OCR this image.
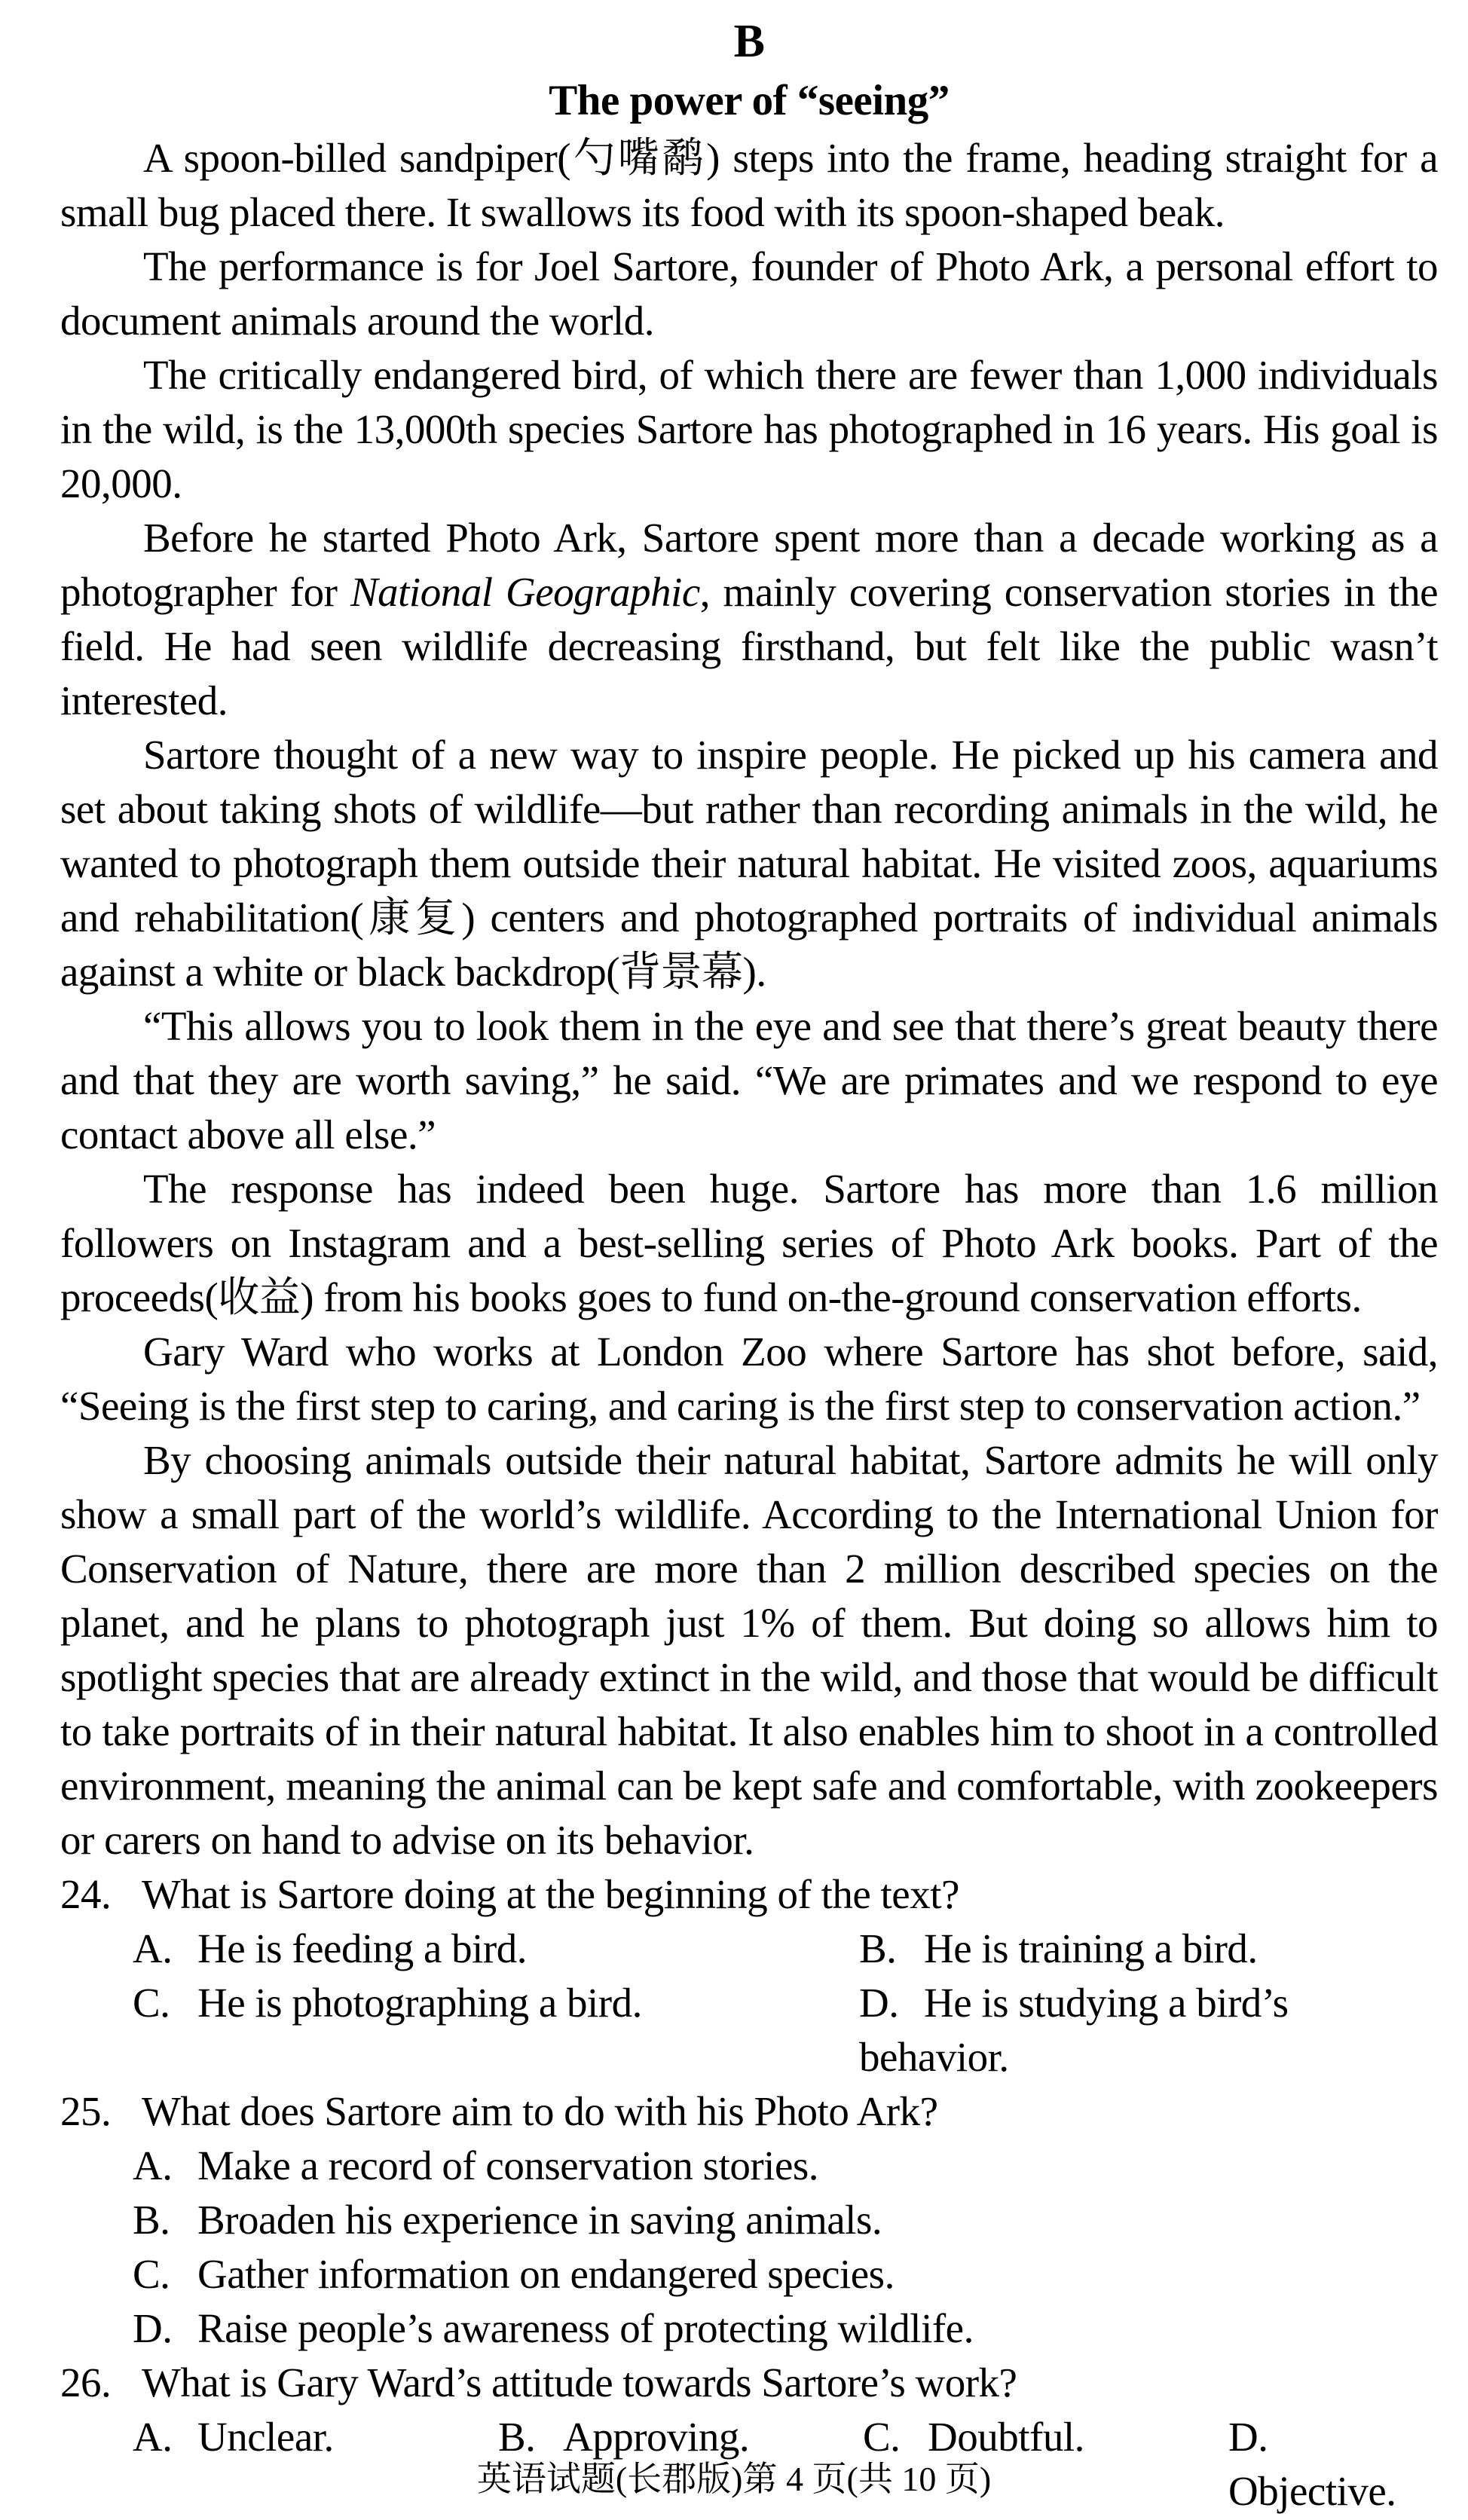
B
The power of “seeing”

A spoon-billed sandpiper(勺嘴鹬) steps into the frame, heading straight for a small bug placed there. It swallows its food with its spoon-shaped beak.

The performance is for Joel Sartore, founder of Photo Ark, a personal effort to document animals around the world.

The critically endangered bird, of which there are fewer than 1,000 individuals in the wild, is the 13,000th species Sartore has photographed in 16 years. His goal is 20,000.

Before he started Photo Ark, Sartore spent more than a decade working as a photographer for National Geographic, mainly covering conservation stories in the field. He had seen wildlife decreasing firsthand, but felt like the public wasn’t interested.

Sartore thought of a new way to inspire people. He picked up his camera and set about taking shots of wildlife—but rather than recording animals in the wild, he wanted to photograph them outside their natural habitat. He visited zoos, aquariums and rehabilitation(康复) centers and photographed portraits of individual animals against a white or black backdrop(背景幕).

“This allows you to look them in the eye and see that there’s great beauty there and that they are worth saving,” he said. “We are primates and we respond to eye contact above all else.”

The response has indeed been huge. Sartore has more than 1.6 million followers on Instagram and a best-selling series of Photo Ark books. Part of the proceeds(收益) from his books goes to fund on-the-ground conservation efforts.

Gary Ward who works at London Zoo where Sartore has shot before, said, “Seeing is the first step to caring, and caring is the first step to conservation action.”

By choosing animals outside their natural habitat, Sartore admits he will only show a small part of the world’s wildlife. According to the International Union for Conservation of Nature, there are more than 2 million described species on the planet, and he plans to photograph just 1% of them. But doing so allows him to spotlight species that are already extinct in the wild, and those that would be difficult to take portraits of in their natural habitat. It also enables him to shoot in a controlled environment, meaning the animal can be kept safe and comfortable, with zookeepers or carers on hand to advise on its behavior.

24. What is Sartore doing at the beginning of the text?

A. He is feeding a bird.	B. He is training a bird.
C. He is photographing a bird.	D. He is studying a bird’s behavior.

25. What does Sartore aim to do with his Photo Ark?

A. Make a record of conservation stories.
B. Broaden his experience in saving animals.
C. Gather information on endangered species.
D. Raise people’s awareness of protecting wildlife.

26. What is Gary Ward’s attitude towards Sartore’s work?

A. Unclear.	B. Approving.	C. Doubtful.	D.Objective.
英语试题(长郡版)第 4 页(共 10 页)
